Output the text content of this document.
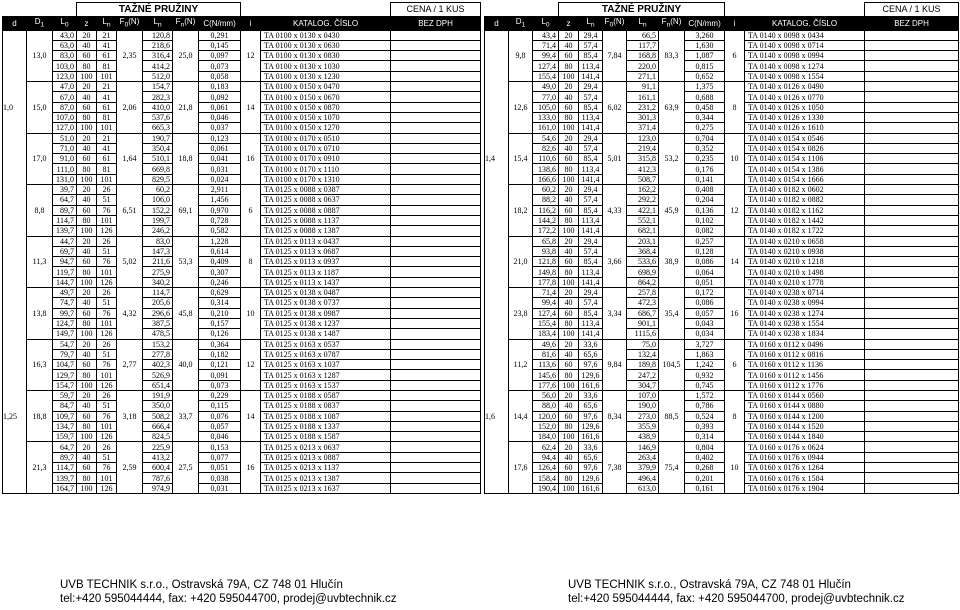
			TAŽNÉ PRUŽINY								CENA / 1 KUS
d	$D_1$	$L_0$	z	$L_n$	$F_0(N)$	$L_n$	$F_n(N)$	C(N/mm)	i	KATALOG. ČÍSLO	BEZ DPH
		43,0	20	21		120,8		0,291		TA 0100 x 0130 x 0430	
		63,0	40	41		218,6		0,145		TA 0100 x 0130 x 0630	
	13,0	83,0	60	61	2,35	316,4	25,0	0,097	12	TA 0100 x 0130 x 0830	
		103,0	80	81		414,2		0,073		TA 0100 x 0130 x 1030	
		123,0	100	101		512,0		0,058		TA 0100 x 0130 x 1230	
		47,0	20	21		154,7		0,183		TA 0100 x 0150 x 0470	
		67,0	40	41		282,3		0,092		TA 0100 x 0150 x 0670	
1,0	15,0	87,0	60	61	2,06	410,0	21,8	0,061	14	TA 0100 x 0150 x 0870	
		107,0	80	81		537,6		0,046		TA 0100 x 0150 x 1070	
		127,0	100	101		665,3		0,037		TA 0100 x 0150 x 1270	
		51,0	20	21		190,7		0,123		TA 0100 x 0170 x 0510	
		71,0	40	41		350,4		0,061		TA 0100 x 0170 x 0710	
	17,0	91,0	60	61	1,64	510,1	18,8	0,041	16	TA 0100 x 0170 x 0910	
		111,0	80	81		669,8		0,031		TA 0100 x 0170 x 1110	
		131,0	100	101		829,5		0,024		TA 0100 x 0170 x 1310	
		39,7	20	26		60,2		2,911		TA 0125 x 0088 x 0387	
		64,7	40	51		106,0		1,456		TA 0125 x 0088 x 0637	
	8,8	89,7	60	76	6,51	152,2	69,1	0,970	6	TA 0125 x 0088 x 0887	
		114,7	80	101		199,7		0,728		TA 0125 x 0088 x 1137	
		139,7	100	126		246,2		0,582		TA 0125 x 0088 x 1387	
		44,7	20	26		83,0		1,228		TA 0125 x 0113 x 0437	
		69,7	40	51		147,3		0,614		TA 0125 x 0113 x 0687	
	11,3	94,7	60	76	5,02	211,6	53,3	0,409	8	TA 0125 x 0113 x 0937	
		119,7	80	101		275,9		0,307		TA 0125 x 0113 x 1187	
		144,7	100	126		340,2		0,246		TA 0125 x 0113 x 1437	
		49,7	20	26		114,7		0,629		TA 0125 x 0138 x 0487	
		74,7	40	51		205,6		0,314		TA 0125 x 0138 x 0737	
	13,8	99,7	60	76	4,32	296,6	45,8	0,210	10	TA 0125 x 0138 x 0987	
		124,7	80	101		387,5		0,157		TA 0125 x 0138 x 1237	
		149,7	100	126		478,5		0,126		TA 0125 x 0138 x 1487	
		54,7	20	26		153,2		0,364		TA 0125 x 0163 x 0537	
		79,7	40	51		277,8		0,182		TA 0125 x 0163 x 0787	
	16,3	104,7	60	76	2,77	402,3	40,0	0,121	12	TA 0125 x 0163 x 1037	
		129,7	80	101		526,9		0,091		TA 0125 x 0163 x 1287	
		154,7	100	126		651,4		0,073		TA 0125 x 0163 x 1537	
		59,7	20	26		191,9		0,229		TA 0125 x 0188 x 0587	
		84,7	40	51		350,0		0,115		TA 0125 x 0188 x 0837	
1,25	18,8	109,7	60	76	3,18	508,2	33,7	0,076	14	TA 0125 x 0188 x 1087	
		134,7	80	101		666,4		0,057		TA 0125 x 0188 x 1337	
		159,7	100	126		824,5		0,046		TA 0125 x 0188 x 1587	
		64,7	20	26		225,9		0,153		TA 0125 x 0213 x 0637	
		89,7	40	51		413,2		0,077		TA 0125 x 0213 x 0887	
	21,3	114,7	60	76	2,59	600,4	27,5	0,051	16	TA 0125 x 0213 x 1137	
		139,7	80	101		787,6		0,038		TA 0125 x 0213 x 1387	
		164,7	100	126		974,9		0,031		TA 0125 x 0213 x 1637	
			TAŽNÉ PRUŽINY								CENA / 1 KUS
d	$D_1$	$L_0$	z	$L_n$	$F_0(N)$	$L_n$	$F_n(N)$	C(N/mm)	i	KATALOG. ČÍSLO	BEZ DPH
		43,4	20	29,4		66,5		3,260		TA 0140 x 0098 x 0434	
		71,4	40	57,4		117,7		1,630		TA 0140 x 0098 x 0714	
	9,8	99,4	60	85,4	7,84	168,8	83,3	1,087	6	TA 0140 x 0098 x 0994	
		127,4	80	113,4		220,0		0,815		TA 0140 x 0098 x 1274	
		155,4	100	141,4		271,1		0,652		TA 0140 x 0098 x 1554	
		49,0	20	29,4		91,1		1,375		TA 0140 x 0126 x 0490	
		77,0	40	57,4		161,1		0,688		TA 0140 x 0126 x 0770	
	12,6	105,0	60	85,4	6,02	231,2	63,9	0,458	8	TA 0140 x 0126 x 1050	
		133,0	80	113,4		301,3		0,344		TA 0140 x 0126 x 1330	
		161,0	100	141,4		371,4		0,275		TA 0140 x 0126 x 1610	
		54,6	20	29,4		123,0		0,704		TA 0140 x 0154 x 0546	
		82,6	40	57,4		219,4		0,352		TA 0140 x 0154 x 0826	
1,4	15,4	110,6	60	85,4	5,01	315,8	53,2	0,235	10	TA 0140 x 0154 x 1106	
		138,6	80	113,4		412,3		0,176		TA 0140 x 0154 x 1386	
		166,6	100	141,4		508,7		0,141		TA 0140 x 0154 x 1666	
		60,2	20	29,4		162,2		0,408		TA 0140 x 0182 x 0602	
		88,2	40	57,4		292,2		0,204		TA 0140 x 0182 x 0882	
	18,2	116,2	60	85,4	4,33	422,1	45,9	0,136	12	TA 0140 x 0182 x 1162	
		144,2	80	113,4		552,1		0,102		TA 0140 x 0182 x 1442	
		172,2	100	141,4		682,1		0,082		TA 0140 x 0182 x 1722	
		65,8	20	29,4		203,1		0,257		TA 0140 x 0210 x 0658	
		93,8	40	57,4		368,4		0,128		TA 0140 x 0210 x 0938	
	21,0	121,8	60	85,4	3,66	533,6	38,9	0,086	14	TA 0140 x 0210 x 1218	
		149,8	80	113,4		698,9		0,064		TA 0140 x 0210 x 1498	
		177,8	100	141,4		864,2		0,051		TA 0140 x 0210 x 1778	
		71,4	20	29,4		257,8		0,172		TA 0140 x 0238 x 0714	
		99,4	40	57,4		472,3		0,086		TA 0140 x 0238 x 0994	
	23,8	127,4	60	85,4	3,34	686,7	35,4	0,057	16	TA 0140 x 0238 x 1274	
		155,4	80	113,4		901,1		0,043		TA 0140 x 0238 x 1554	
		183,4	100	141,4		1115,6		0,034		TA 0140 x 0238 x 1834	
		49,6	20	33,6		75,0		3,727		TA 0160 x 0112 x 0496	
		81,6	40	65,6		132,4		1,863		TA 0160 x 0112 x 0816	
	11,2	113,6	60	97,6	9,84	189,8	104,5	1,242	6	TA 0160 x 0112 x 1136	
		145,6	80	129,6		247,2		0,932		TA 0160 x 0112 x 1456	
		177,6	100	161,6		304,7		0,745		TA 0160 x 0112 x 1776	
		56,0	20	33,6		107,0		1,572		TA 0160 x 0144 x 0560	
		88,0	40	65,6		190,0		0,786		TA 0160 x 0144 x 0880	
1,6	14,4	120,0	60	97,6	8,34	273,0	88,5	0,524	8	TA 0160 x 0144 x 1200	
		152,0	80	129,6		355,9		0,393		TA 0160 x 0144 x 1520	
		184,0	100	161,6		438,9		0,314		TA 0160 x 0144 x 1840	
		62,4	20	33,6		146,9		0,804		TA 0160 x 0176 x 0624	
		94,4	40	65,6		263,4		0,402		TA 0160 x 0176 x 0944	
	17,6	126,4	60	97,6	7,38	379,9	75,4	0,268	10	TA 0160 x 0176 x 1264	
		158,4	80	129,6		496,4		0,201		TA 0160 x 0176 x 1584	
		190,4	100	161,6		613,0		0,161		TA 0160 x 0176 x 1904	
UVB TECHNIK s.r.o., Ostravská 79A, CZ 748 01 Hlučín
tel:+420 595044444, fax: +420 595044700, prodej@uvbtechnik.cz
UVB TECHNIK s.r.o., Ostravská 79A, CZ 748 01 Hlučín
tel:+420 595044444, fax: +420 595044700, prodej@uvbtechnik.cz
